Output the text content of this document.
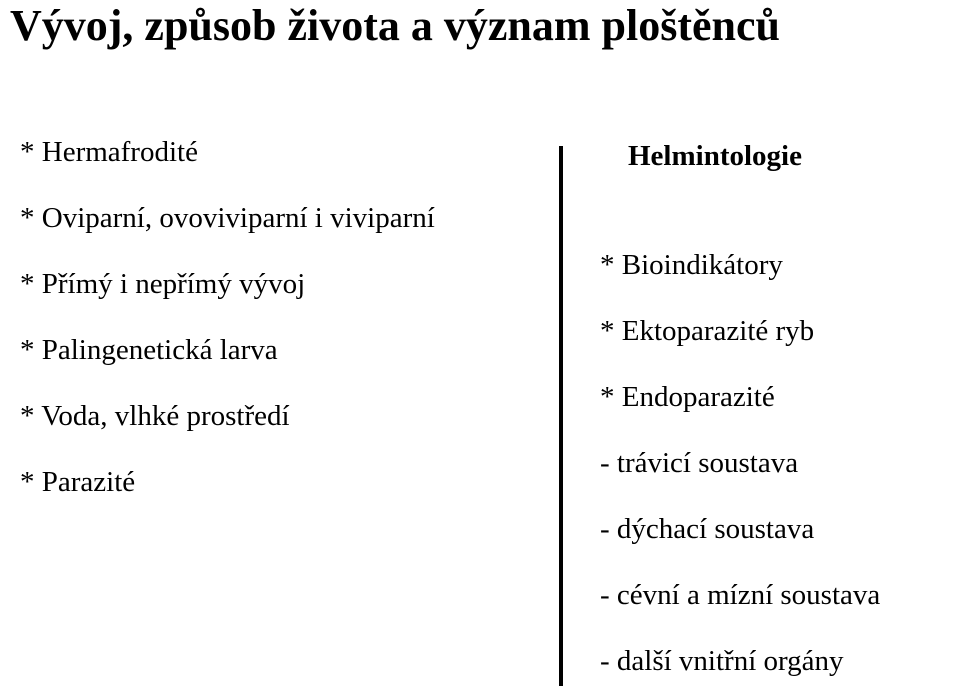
Vývoj, způsob života a význam ploštěnců
* Hermafrodité
* Oviparní, ovoviviparní i viviparní
* Přímý i nepřímý vývoj
* Palingenetická larva
* Voda, vlhké prostředí
* Parazité
Helmintologie
* Bioindikátory
* Ektoparazité ryb
* Endoparazité
- trávicí soustava
- dýchací soustava
- cévní a mízní soustava
- další vnitřní orgány
